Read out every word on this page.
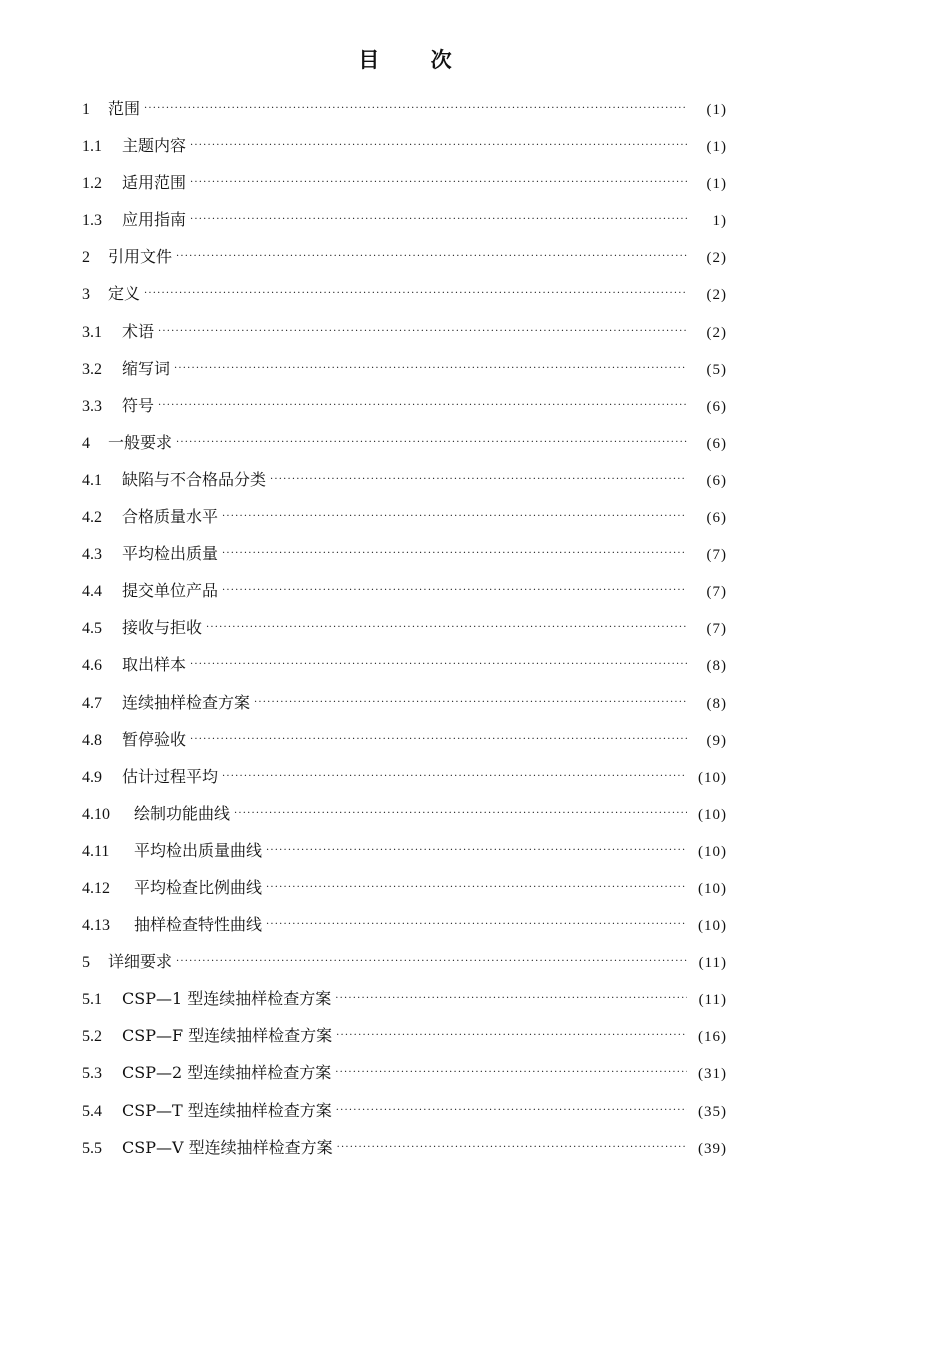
目 次
1	范围 ·····	(1)
1.1	主题内容 ·····	(1)
1.2	适用范围 ·····	(1)
1.3	应用指南 ·····	1)
2	引用文件 ·····	(2)
3	定义 ·····	(2)
3.1	术语 ·····	(2)
3.2	缩写词 ·····	(5)
3.3	符号 ·····	(6)
4	一般要求 ·····	(6)
4.1	缺陷与不合格品分类 ·····	(6)
4.2	合格质量水平 ·····	(6)
4.3	平均检出质量 ·····	(7)
4.4	提交单位产品 ·····	(7)
4.5	接收与拒收 ·····	(7)
4.6	取出样本 ·····	(8)
4.7	连续抽样检查方案 ·····	(8)
4.8	暂停验收 ·····	(9)
4.9	估计过程平均 ·····	(10)
4.10	绘制功能曲线 ·····	(10)
4.11	平均检出质量曲线 ·····	(10)
4.12	平均检查比例曲线 ·····	(10)
4.13	抽样检查特性曲线 ·····	(10)
5	详细要求 ·····	(11)
5.1	CSP—1 型连续抽样检查方案 ·····	(11)
5.2	CSP—F 型连续抽样检查方案 ·····	(16)
5.3	CSP—2 型连续抽样检查方案 ·····	(31)
5.4	CSP—T 型连续抽样检查方案 ·····	(35)
5.5	CSP—V 型连续抽样检查方案 ·····	(39)
